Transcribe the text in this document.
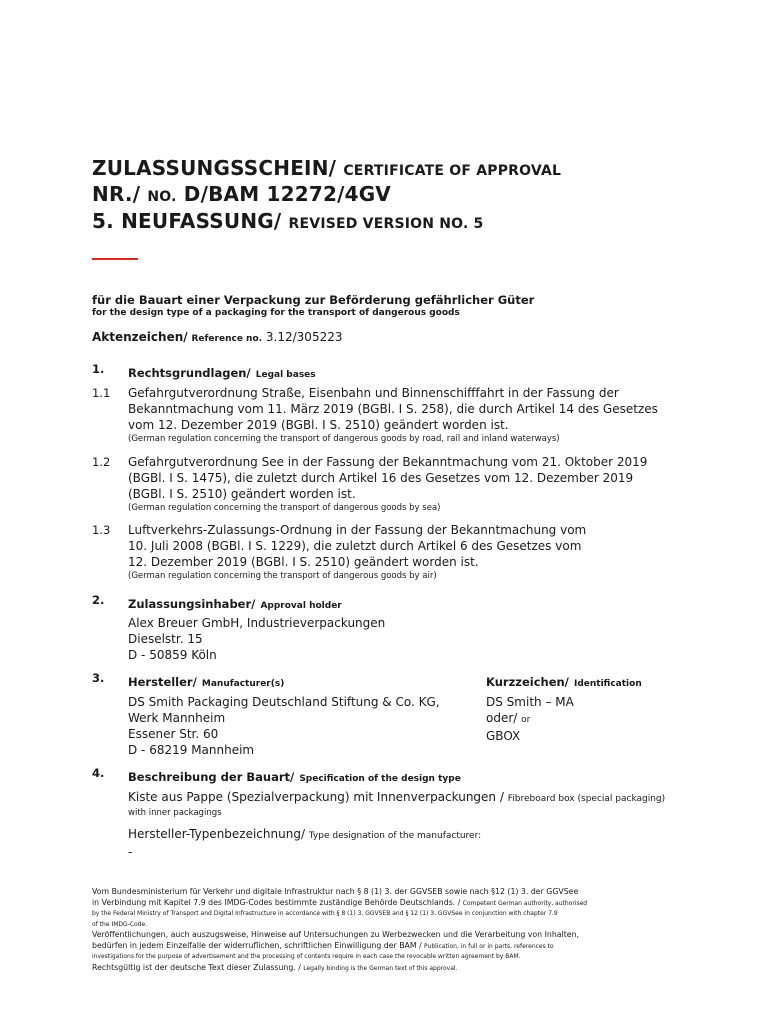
ZULASSUNGSSCHEIN/ CERTIFICATE OF APPROVAL
NR./ NO. D/BAM 12272/4GV
5. NEUFASSUNG/ REVISED VERSION NO. 5
für die Bauart einer Verpackung zur Beförderung gefährlicher Güter
for the design type of a packaging for the transport of dangerous goods
Aktenzeichen/ Reference no. 3.12/305223
1. Rechtsgrundlagen/ Legal bases
1.1 Gefahrgutverordnung Straße, Eisenbahn und Binnenschifffahrt in der Fassung der
Bekanntmachung vom 11. März 2019 (BGBl. I S. 258), die durch Artikel 14 des Gesetzes
vom 12. Dezember 2019 (BGBl. I S. 2510) geändert worden ist.
(German regulation concerning the transport of dangerous goods by road, rail and inland waterways)
1.2 Gefahrgutverordnung See in der Fassung der Bekanntmachung vom 21. Oktober 2019
(BGBl. I S. 1475), die zuletzt durch Artikel 16 des Gesetzes vom 12. Dezember 2019
(BGBl. I S. 2510) geändert worden ist.
(German regulation concerning the transport of dangerous goods by sea)
1.3 Luftverkehrs-Zulassungs-Ordnung in der Fassung der Bekanntmachung vom
10. Juli 2008 (BGBl. I S. 1229), die zuletzt durch Artikel 6 des Gesetzes vom
12. Dezember 2019 (BGBl. I S. 2510) geändert worden ist.
(German regulation concerning the transport of dangerous goods by air)
2. Zulassungsinhaber/ Approval holder
Alex Breuer GmbH, Industrieverpackungen
Dieselstr. 15
D - 50859 Köln
3. Hersteller/ Manufacturer(s)
DS Smith Packaging Deutschland Stiftung & Co. KG,
Werk Mannheim
Essener Str. 60
D - 68219 Mannheim
Kurzzeichen/ Identification
DS Smith – MA
oder/ or
GBOX
4. Beschreibung der Bauart/ Specification of the design type
Kiste aus Pappe (Spezialverpackung) mit Innenverpackungen / Fibreboard box (special packaging)
with inner packagings
Hersteller-Typenbezeichnung/ Type designation of the manufacturer:
-
Vom Bundesministerium für Verkehr und digitale Infrastruktur nach § 8 (1) 3. der GGVSEB sowie nach §12 (1) 3. der GGVSee
in Verbindung mit Kapitel 7.9 des IMDG-Codes bestimmte zuständige Behörde Deutschlands. / Competent German authority, authorised
by the Federal Ministry of Transport and Digital Infrastructure in accordance with § 8 (1) 3. GGVSEB and § 12 (1) 3. GGVSee in conjunction with chapter 7.9
of the IMDG-Code.
Veröffentlichungen, auch auszugsweise, Hinweise auf Untersuchungen zu Werbezwecken und die Verarbeitung von Inhalten,
bedürfen in jedem Einzelfalle der widerruflichen, schriftlichen Einwilligung der BAM / Publication, in full or in parts, references to
investigations for the purpose of advertisement and the processing of contents require in each case the revocable written agreement by BAM.
Rechtsgültig ist der deutsche Text dieser Zulassung. / Legally binding is the German text of this approval.
